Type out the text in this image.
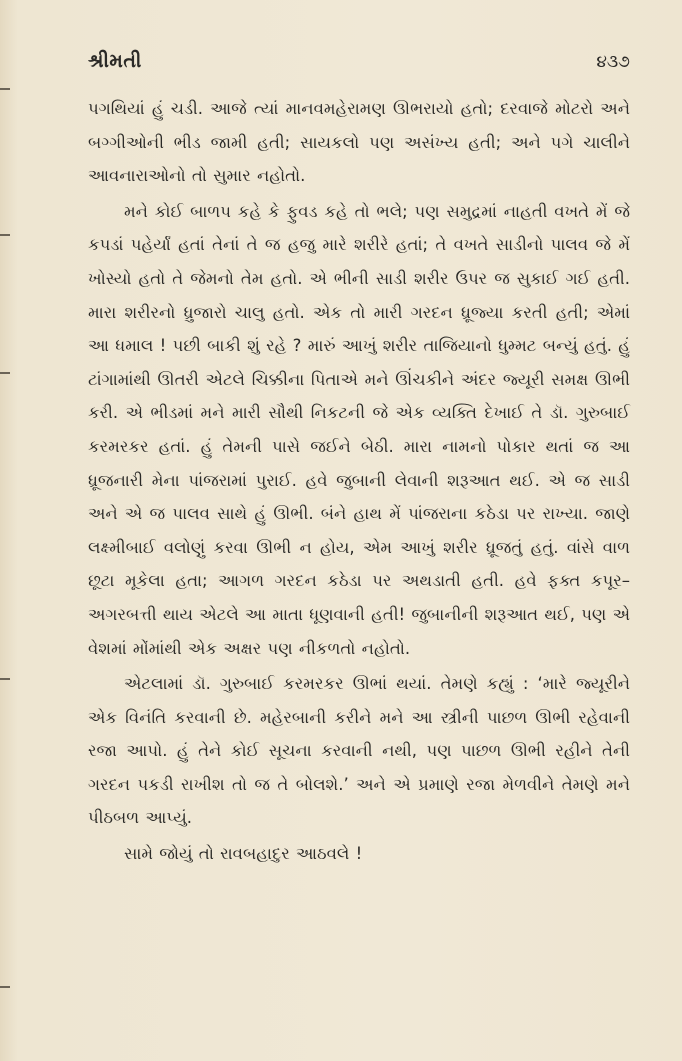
શ્રીમતી	૪૩૭

પગથિયાં હું ચડી. આજે ત્યાં માનવમહેરામણ ઊભરાયો હતો; દરવાજે મોટરો અને બગ્ગીઓની ભીડ જામી હતી; સાયકલો પણ અસંખ્ય હતી; અને પગે ચાલીને આવનારાઓનો તો સુમાર નહોતો.

મને કોઈ બાળપ કહે કે ફુવડ કહે તો ભલે; પણ સમુદ્રમાં નાહતી વખતે મેં જે કપડાં પહેર્યાં હતાં તેનાં તે જ હજુ મારે શરીરે હતાં; તે વખતે સાડીનો પાલવ જે મેં ખોસ્યો હતો તે જેમનો તેમ હતો. એ ભીની સાડી શરીર ઉપર જ સુકાઈ ગઈ હતી. મારા શરીરનો ધ્રુજારો ચાલુ હતો. એક તો મારી ગરદન ધ્રૂજ્યા કરતી હતી; એમાં આ ધમાલ ! પછી બાકી શું રહે ? મારું આખું શરીર તાજિયાનો ધુમ્મટ બન્યું હતું. હું ટાંગામાંથી ઊતરી એટલે ચિક્કીના પિતાએ મને ઊંચકીને અંદર જ્યૂરી સમક્ષ ઊભી કરી. એ ભીડમાં મને મારી સૌથી નિકટની જે એક વ્યક્તિ દેખાઈ તે ડૉ. ગુરુબાઈ કરમરકર હતાં. હું તેમની પાસે જઈને બેઠી. મારા નામનો પોકાર થતાં જ આ ધ્રૂજનારી મેના પાંજરામાં પુરાઈ. હવે જુબાની લેવાની શરૂઆત થઈ. એ જ સાડી અને એ જ પાલવ સાથે હું ઊભી. બંને હાથ મેં પાંજરાના કઠેડા પર રાખ્યા. જાણે લક્ષ્મીબાઈ વલોણું કરવા ઊભી ન હોય, એમ આખું શરીર ધ્રૂજતું હતું. વાંસે વાળ છૂટા મૂકેલા હતા; આગળ ગરદન કઠેડા પર અથડાતી હતી. હવે ફક્ત કપૂર–અગરબત્તી થાય એટલે આ માતા ધૂણવાની હતી! જુબાનીની શરૂઆત થઈ, પણ એ વેશમાં મોંમાંથી એક અક્ષર પણ નીકળતો નહોતો.

એટલામાં ડૉ. ગુરુબાઈ કરમરકર ઊભાં થયાં. તેમણે કહ્યું : ‘મારે જ્યૂરીને એક વિનંતિ કરવાની છે. મહેરબાની કરીને મને આ સ્ત્રીની પાછળ ઊભી રહેવાની રજા આપો. હું તેને કોઈ સૂચના કરવાની નથી, પણ પાછળ ઊભી રહીને તેની ગરદન પકડી રાખીશ તો જ તે બોલશે.’ અને એ પ્રમાણે રજા મેળવીને તેમણે મને પીઠબળ આપ્યું.

સામે જોયું તો રાવબહાદુર આઠવલે !
